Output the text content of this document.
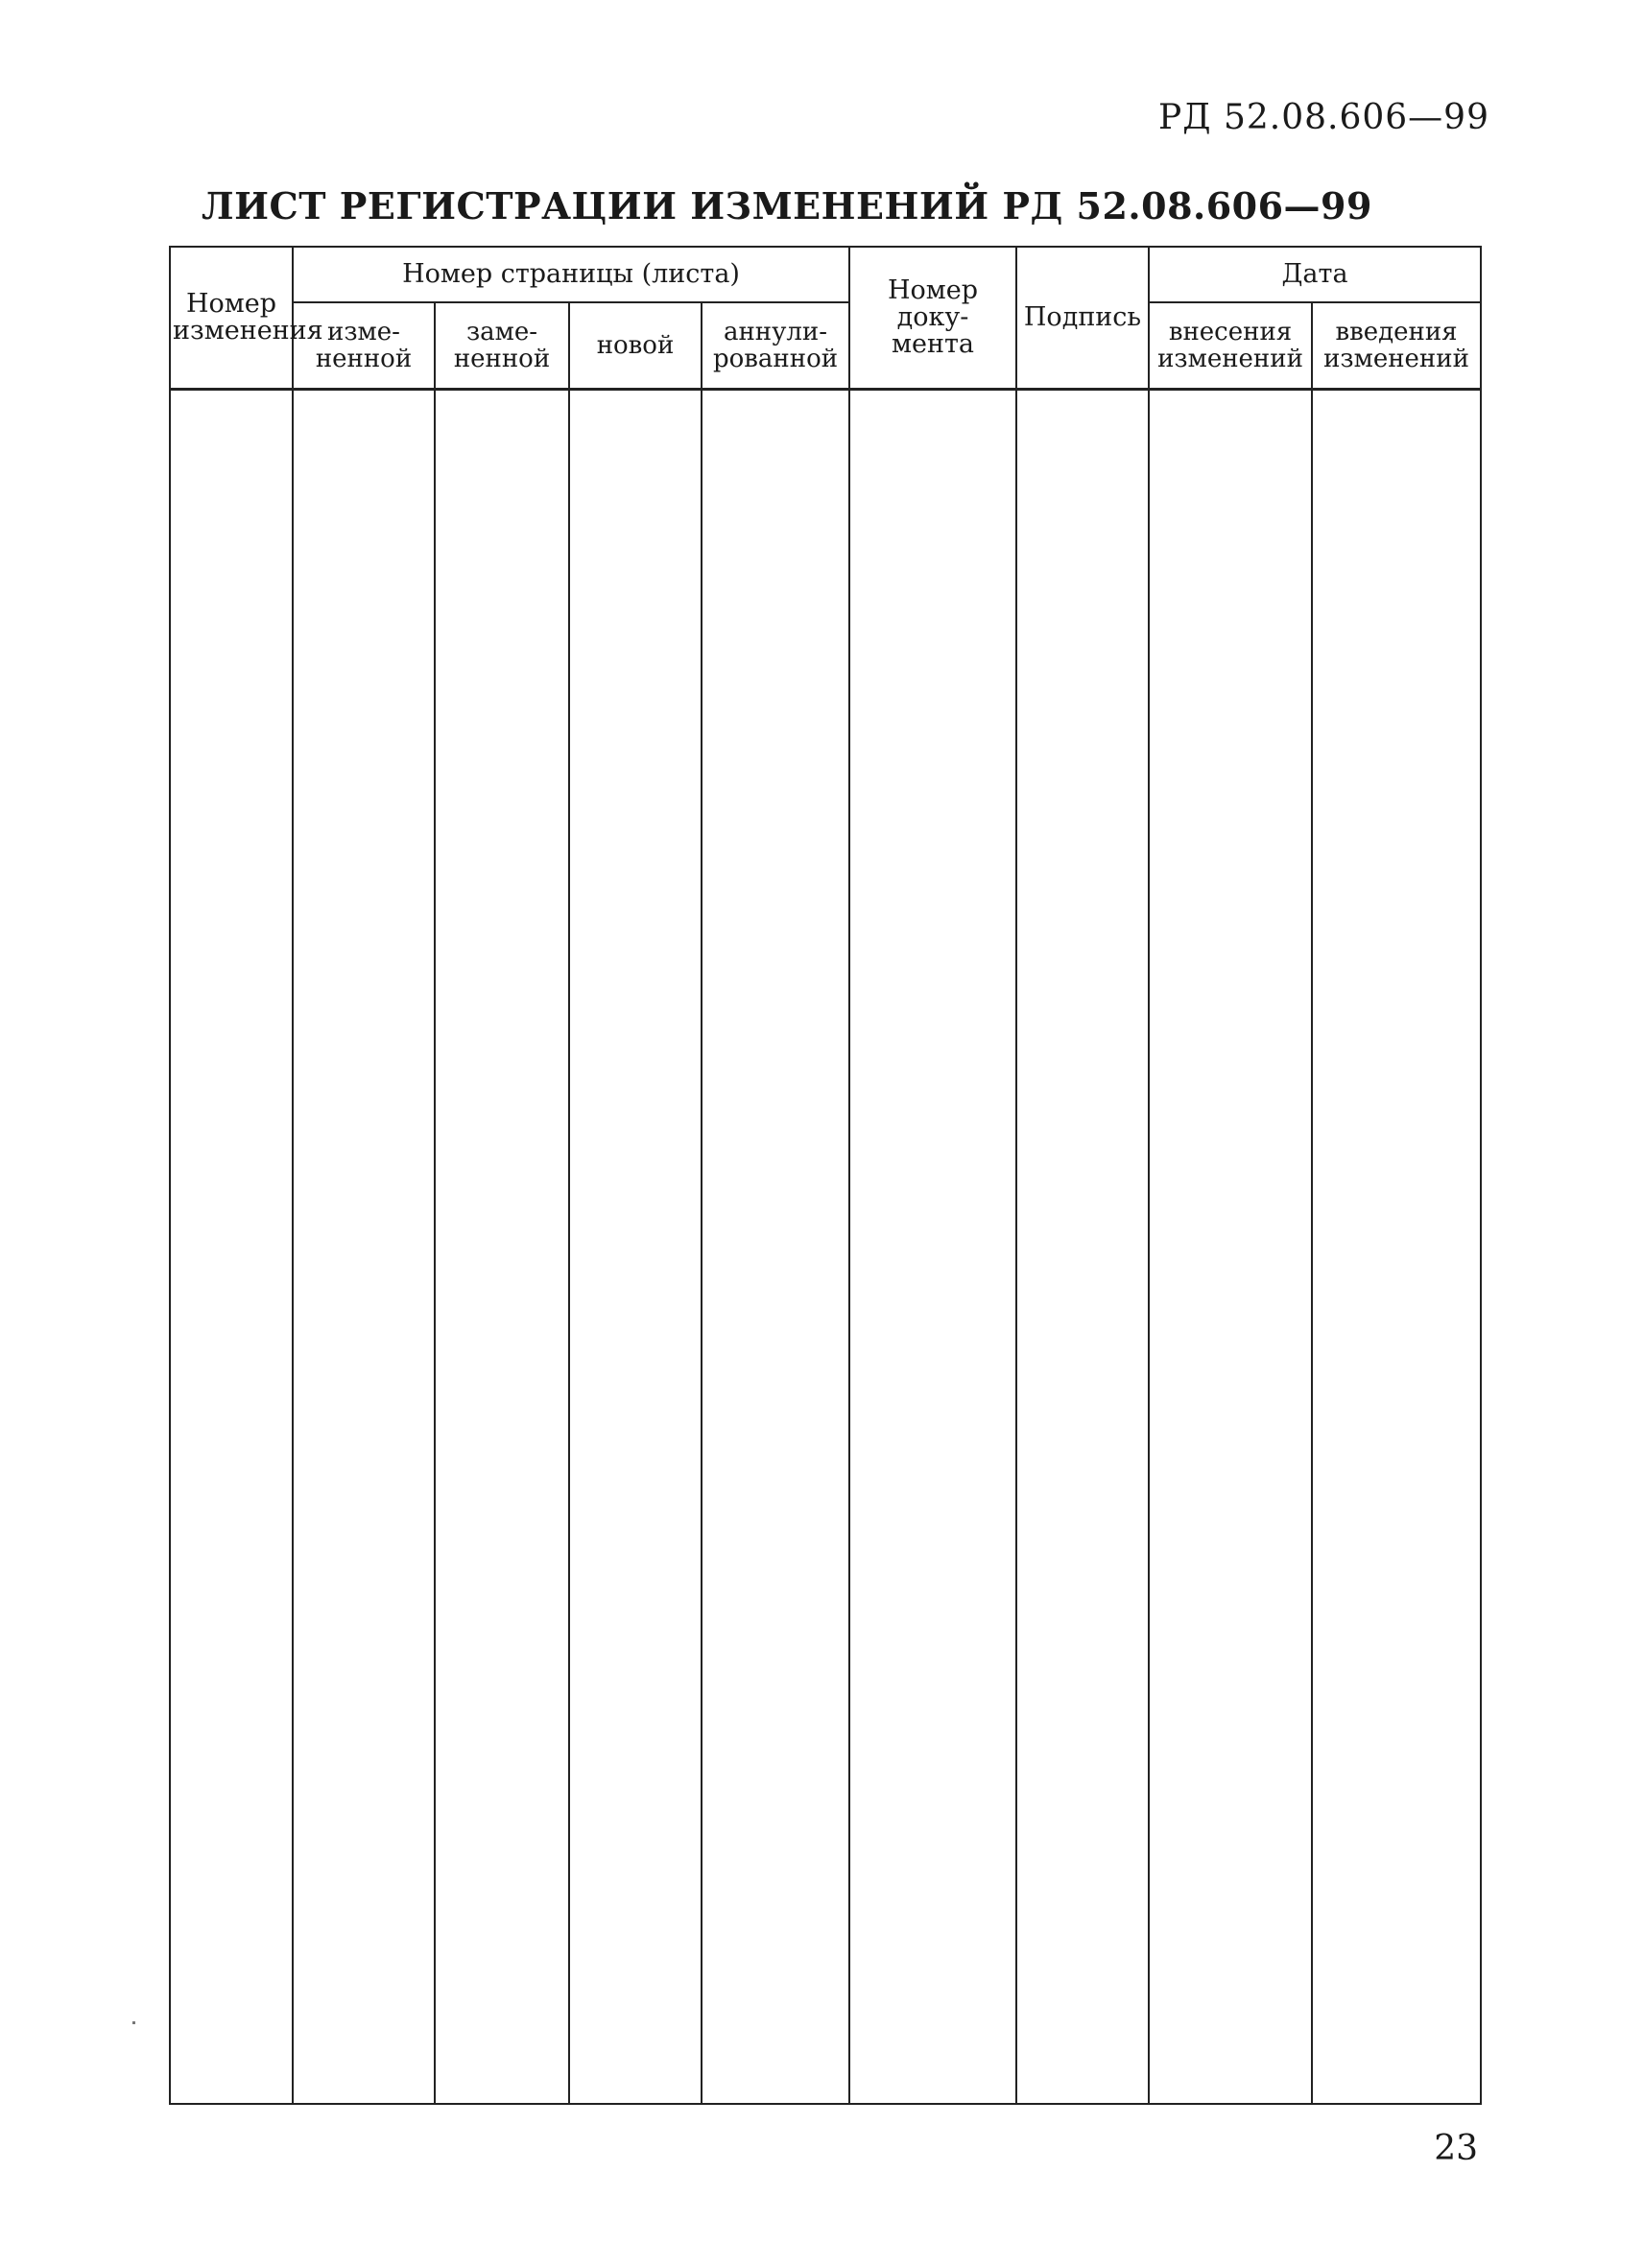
РД 52.08.606—99
ЛИСТ РЕГИСТРАЦИИ ИЗМЕНЕНИЙ РД 52.08.606—99
Номер изменения	Номер страницы (листа)				Номер доку- мента	Подпись	Дата	
	изме- ненной	заме- ненной	новой	аннули- рованной			внесения изменений	введения изменений

23
